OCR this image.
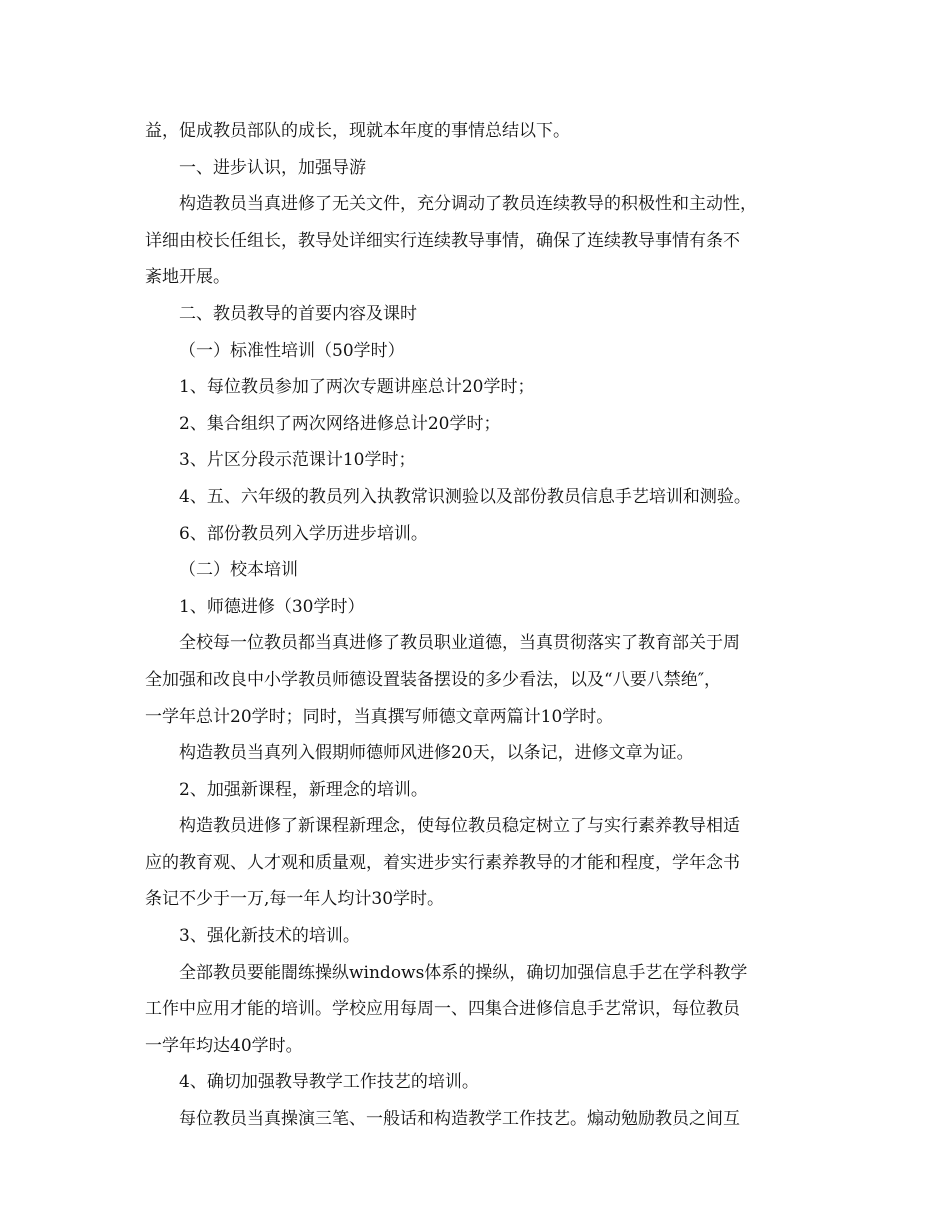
益，促成教员部队的成长，现就本年度的事情总结以下。
一、进步认识，加强导游
构造教员当真进修了无关文件，充分调动了教员连续教导的积极性和主动性，
详细由校长任组长，教导处详细实行连续教导事情，确保了连续教导事情有条不
紊地开展。
二、教员教导的首要内容及课时
（一）标准性培训（50学时）
1、每位教员参加了两次专题讲座总计20学时；
2、集合组织了两次网络进修总计20学时；
3、片区分段示范课计10学时；
4、五、六年级的教员列入执教常识测验以及部份教员信息手艺培训和测验。
6、部份教员列入学历进步培训。
（二）校本培训
1、师德进修（30学时）
全校每一位教员都当真进修了教员职业道德，当真贯彻落实了教育部关于周
全加强和改良中小学教员师德设置装备摆设的多少看法，以及“八要八禁绝″，
一学年总计20学时；同时，当真撰写师德文章两篇计10学时。
构造教员当真列入假期师德师风进修20天，以条记，进修文章为证。
2、加强新课程，新理念的培训。
构造教员进修了新课程新理念，使每位教员稳定树立了与实行素养教导相适
应的教育观、人才观和质量观，着实进步实行素养教导的才能和程度，学年念书
条记不少于一万,每一年人均计30学时。
3、强化新技术的培训。
全部教员要能闇练操纵windows体系的操纵，确切加强信息手艺在学科教学
工作中应用才能的培训。学校应用每周一、四集合进修信息手艺常识，每位教员
一学年均达40学时。
4、确切加强教导教学工作技艺的培训。
每位教员当真操演三笔、一般话和构造教学工作技艺。煽动勉励教员之间互
